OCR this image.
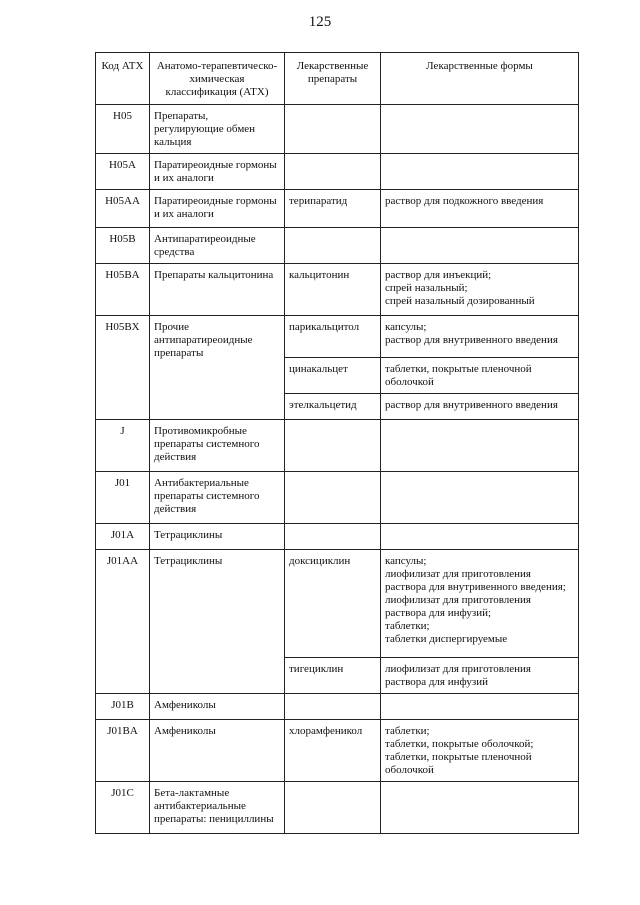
125
Код АТХ	Анатомо-терапевтическо-химическая классификация (АТХ)	Лекарственные препараты	Лекарственные формы
H05	Препараты, регулирующие обмен кальция		
H05A	Паратиреоидные гормоны и их аналоги		
H05AA	Паратиреоидные гормоны и их аналоги	терипаратид	раствор для подкожного введения

H05B	Антипаратиреоидные средства		
H05BA	Препараты кальцитонина	кальцитонин	раствор для инъекций;
спрей назальный;
спрей назальный дозированный

H05BX	Прочие антипаратиреоидные препараты	парикальцитол	капсулы;
раствор для внутривенного введения

		цинакальцет	таблетки, покрытые пленочной оболочкой

		этелкальцетид	раствор для внутривенного введения

J	Противомикробные препараты системного действия		
J01	Антибактериальные препараты системного действия		
J01A	Тетрациклины		
J01AA	Тетрациклины	доксициклин	капсулы;
лиофилизат для приготовления раствора для внутривенного введения;
лиофилизат для приготовления раствора для инфузий;
таблетки;
таблетки диспергируемые

		тигециклин	лиофилизат для приготовления раствора для инфузий

J01B	Амфениколы		
J01BA	Амфениколы	хлорамфеникол	таблетки;
таблетки, покрытые оболочкой;
таблетки, покрытые пленочной оболочкой

J01C	Бета-лактамные антибактериальные препараты: пенициллины		
